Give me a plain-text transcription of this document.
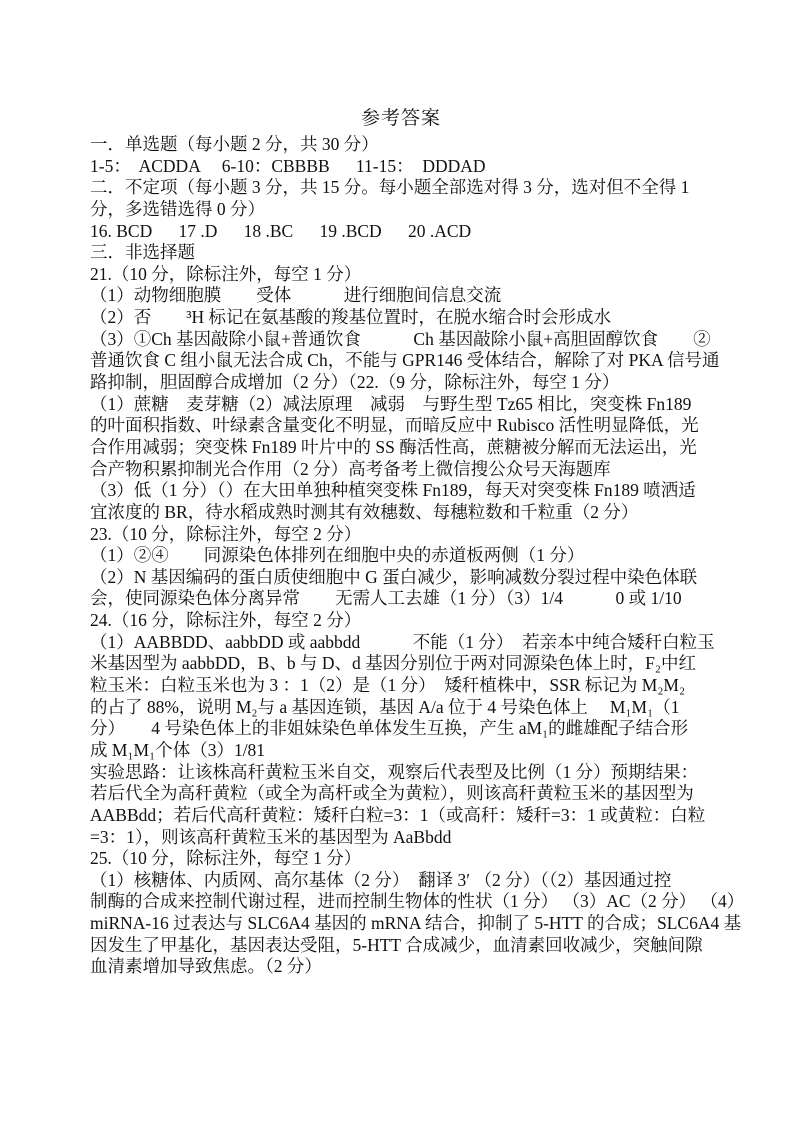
参考答案
一．单选题（每小题 2 分，共 30 分）
1-5：  ACDDA     6-10：CBBBB      11-15：  DDDAD
二．不定项（每小题 3 分，共 15 分。每小题全部选对得 3 分，选对但不全得 1
分，多选错选得 0 分）
16. BCD      17 .D      18 .BC      19 .BCD      20 .ACD
三．非选择题
21.（10 分，除标注外，每空 1 分）
（1）动物细胞膜　　受体　　　进行细胞间信息交流
（2）否　　³H 标记在氨基酸的羧基位置时，在脱水缩合时会形成水
（3）①Ch 基因敲除小鼠+普通饮食　　　Ch 基因敲除小鼠+高胆固醇饮食　　②
普通饮食 C 组小鼠无法合成 Ch，不能与 GPR146 受体结合，解除了对 PKA 信号通
路抑制，胆固醇合成增加（2 分）（22.（9 分，除标注外，每空 1 分）
（1）蔗糖　麦芽糖（2）减法原理　减弱　与野生型 Tz65 相比，突变株 Fn189
的叶面积指数、叶绿素含量变化不明显，而暗反应中 Rubisco 活性明显降低，光
合作用减弱；突变株 Fn189 叶片中的 SS 酶活性高，蔗糖被分解而无法运出，光
合产物积累抑制光合作用（2 分）高考备考上微信搜公众号天海题库
（3）低（1 分）（）在大田单独种植突变株 Fn189，每天对突变株 Fn189 喷洒适
宜浓度的 BR，待水稻成熟时测其有效穗数、每穗粒数和千粒重（2 分）
23.（10 分，除标注外，每空 2 分）
（1）②④　　同源染色体排列在细胞中央的赤道板两侧（1 分）
（2）N 基因编码的蛋白质使细胞中 G 蛋白减少，影响减数分裂过程中染色体联
会，使同源染色体分离异常　　无需人工去雄（1 分）（3）1/4　　　0 或 1/10
24.（16 分，除标注外，每空 2 分）
（1）AABBDD、aabbDD 或 aabbdd　　　不能（1 分）　若亲本中纯合矮秆白粒玉
米基因型为 aabbDD，B、b 与 D、d 基因分别位于两对同源染色体上时，F₂中红
粒玉米：白粒玉米也为 3 ：1（2）是（1 分）　矮秆植株中，SSR 标记为 M₂M₂
的占了 88%，说明 M₂与 a 基因连锁，基因 A/a 位于 4 号染色体上　 M₁M₁（1
分）　　4 号染色体上的非姐妹染色单体发生互换，产生 aM₁的雌雄配子结合形
成 M₁M₁个体（3）1/81
实验思路：让该株高秆黄粒玉米自交，观察后代表型及比例（1 分）预期结果：
若后代全为高秆黄粒（或全为高杆或全为黄粒），则该高秆黄粒玉米的基因型为
AABBdd；若后代高秆黄粒：矮秆白粒=3：1（或高秆：矮秆=3：1 或黄粒：白粒
=3：1），则该高秆黄粒玉米的基因型为 AaBbdd
25.（10 分，除标注外，每空 1 分）
（1）核糖体、内质网、高尔基体（2 分）　翻译 3′ （2 分）（（2）基因通过控
制酶的合成来控制代谢过程，进而控制生物体的性状（1 分） （3）AC（2 分） （4）
miRNA-16 过表达与 SLC6A4 基因的 mRNA 结合，抑制了 5-HTT 的合成；SLC6A4 基
因发生了甲基化，基因表达受阻，5-HTT 合成减少，血清素回收减少，突触间隙
血清素增加导致焦虑。（2 分）
